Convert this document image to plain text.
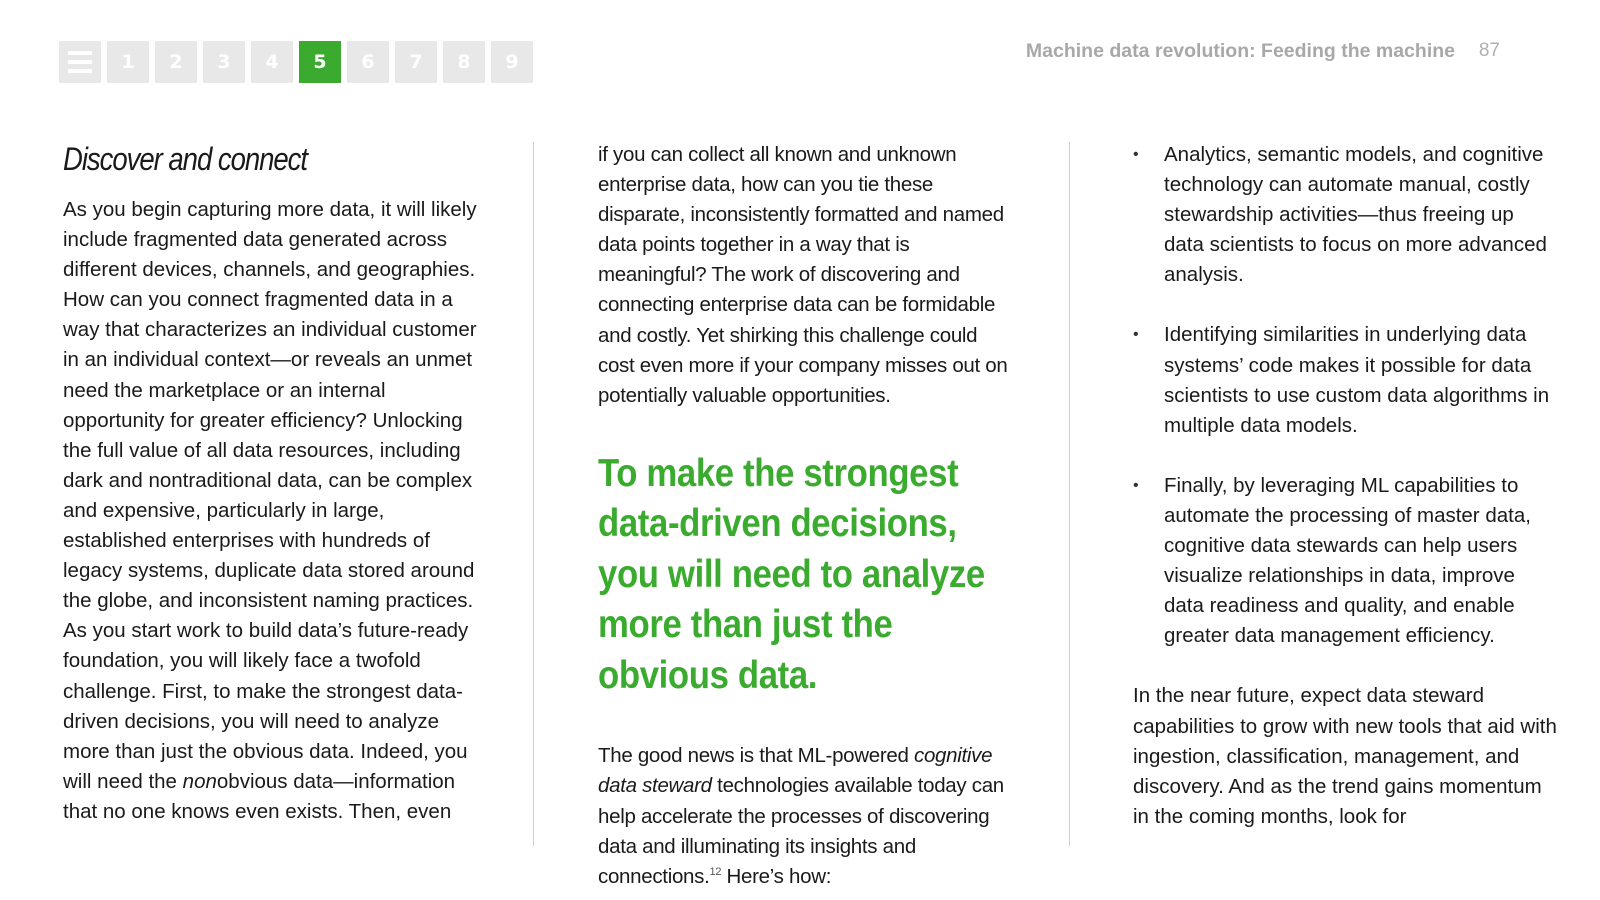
1	2	3	4	5	6	7	8	9	Machine data revolution: Feeding the machine 87
Discover and connect

As you begin capturing more data, it will likely include fragmented data generated across different devices, channels, and geographies. How can you connect fragmented data in a way that characterizes an individual customer in an individual context—or reveals an unmet need the marketplace or an internal opportunity for greater efficiency? Unlocking the full value of all data resources, including dark and nontraditional data, can be complex and expensive, particularly in large, established enterprises with hundreds of legacy systems, duplicate data stored around the globe, and inconsistent naming practices. As you start work to build data’s future-ready foundation, you will likely face a twofold challenge. First, to make the strongest data-driven decisions, you will need to analyze more than just the obvious data. Indeed, you will need the nonobvious data—information that no one knows even exists. Then, even

if you can collect all known and unknown enterprise data, how can you tie these disparate, inconsistently formatted and named data points together in a way that is meaningful? The work of discovering and connecting enterprise data can be formidable and costly. Yet shirking this challenge could cost even more if your company misses out on potentially valuable opportunities.

To make the strongest data-driven decisions, you will need to analyze more than just the obvious data.

The good news is that ML-powered cognitive data steward technologies available today can help accelerate the processes of discovering data and illuminating its insights and connections.$^{12}$ Here’s how:

• Analytics, semantic models, and cognitive technology can automate manual, costly stewardship activities—thus freeing up data scientists to focus on more advanced analysis.
• Identifying similarities in underlying data systems’ code makes it possible for data scientists to use custom data algorithms in multiple data models.
• Finally, by leveraging ML capabilities to automate the processing of master data, cognitive data stewards can help users visualize relationships in data, improve data readiness and quality, and enable greater data management efficiency.

In the near future, expect data steward capabilities to grow with new tools that aid with ingestion, classification, management, and discovery. And as the trend gains momentum in the coming months, look for
